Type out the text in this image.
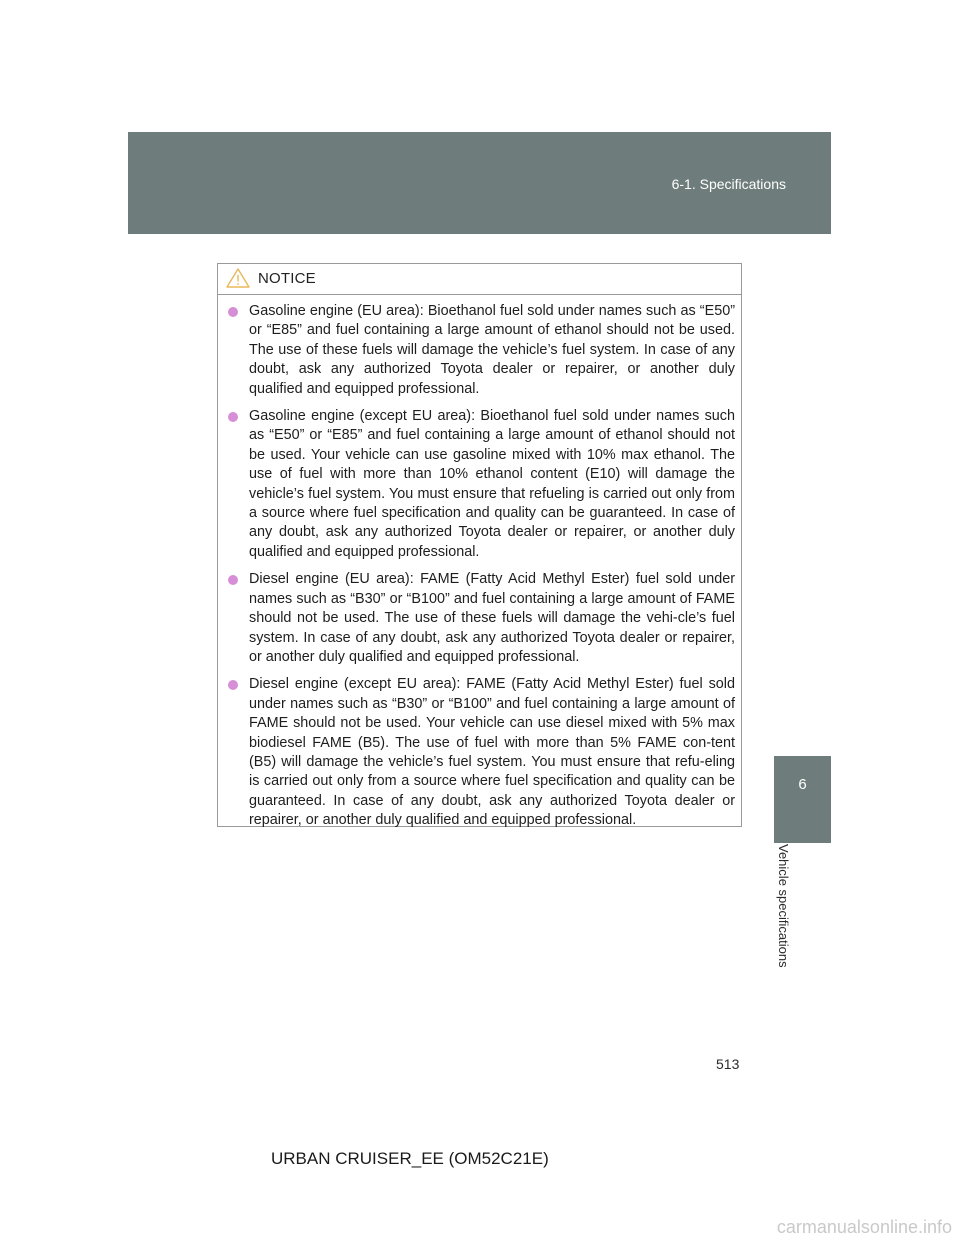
6-1. Specifications
6
Vehicle specifications
NOTICE
Gasoline engine (EU area): Bioethanol fuel sold under names such as “E50” or “E85” and fuel containing a large amount of ethanol should not be used. The use of these fuels will damage the vehicle’s fuel system. In case of any doubt, ask any authorized Toyota dealer or repairer, or another duly qualified and equipped professional.
Gasoline engine (except EU area): Bioethanol fuel sold under names such as “E50” or “E85” and fuel containing a large amount of ethanol should not be used. Your vehicle can use gasoline mixed with 10% max ethanol. The use of fuel with more than 10% ethanol content (E10) will damage the vehicle’s fuel system. You must ensure that refueling is carried out only from a source where fuel specification and quality can be guaranteed. In case of any doubt, ask any authorized Toyota dealer or repairer, or another duly qualified and equipped professional.
Diesel engine (EU area): FAME (Fatty Acid Methyl Ester) fuel sold under names such as “B30” or “B100” and fuel containing a large amount of FAME should not be used. The use of these fuels will damage the vehi-cle’s fuel system. In case of any doubt, ask any authorized Toyota dealer or repairer, or another duly qualified and equipped professional.
Diesel engine (except EU area): FAME (Fatty Acid Methyl Ester) fuel sold under names such as “B30” or “B100” and fuel containing a large amount of FAME should not be used. Your vehicle can use diesel mixed with 5% max biodiesel FAME (B5). The use of fuel with more than 5% FAME con-tent (B5) will damage the vehicle’s fuel system. You must ensure that refu-eling is carried out only from a source where fuel specification and quality can be guaranteed. In case of any doubt, ask any authorized Toyota dealer or repairer, or another duly qualified and equipped professional.
513
URBAN CRUISER_EE (OM52C21E)
carmanualsonline.info
